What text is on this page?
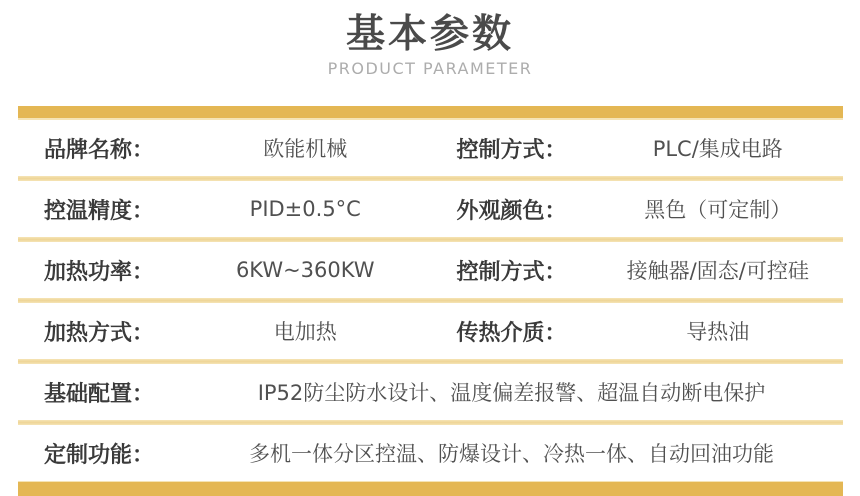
基本参数
PRODUCT PARAMETER
品牌名称：	欧能机械	控制方式：	PLC/集成电路
控温精度：	PID±0.5°C	外观颜色：	黑色（可定制）
加热功率：	6KW~360KW	控制方式：	接触器/固态/可控硅
加热方式：	电加热	传热介质：	导热油
基础配置：	IP52防尘防水设计、温度偏差报警、超温自动断电保护
定制功能：	多机一体分区控温、防爆设计、冷热一体、自动回油功能
